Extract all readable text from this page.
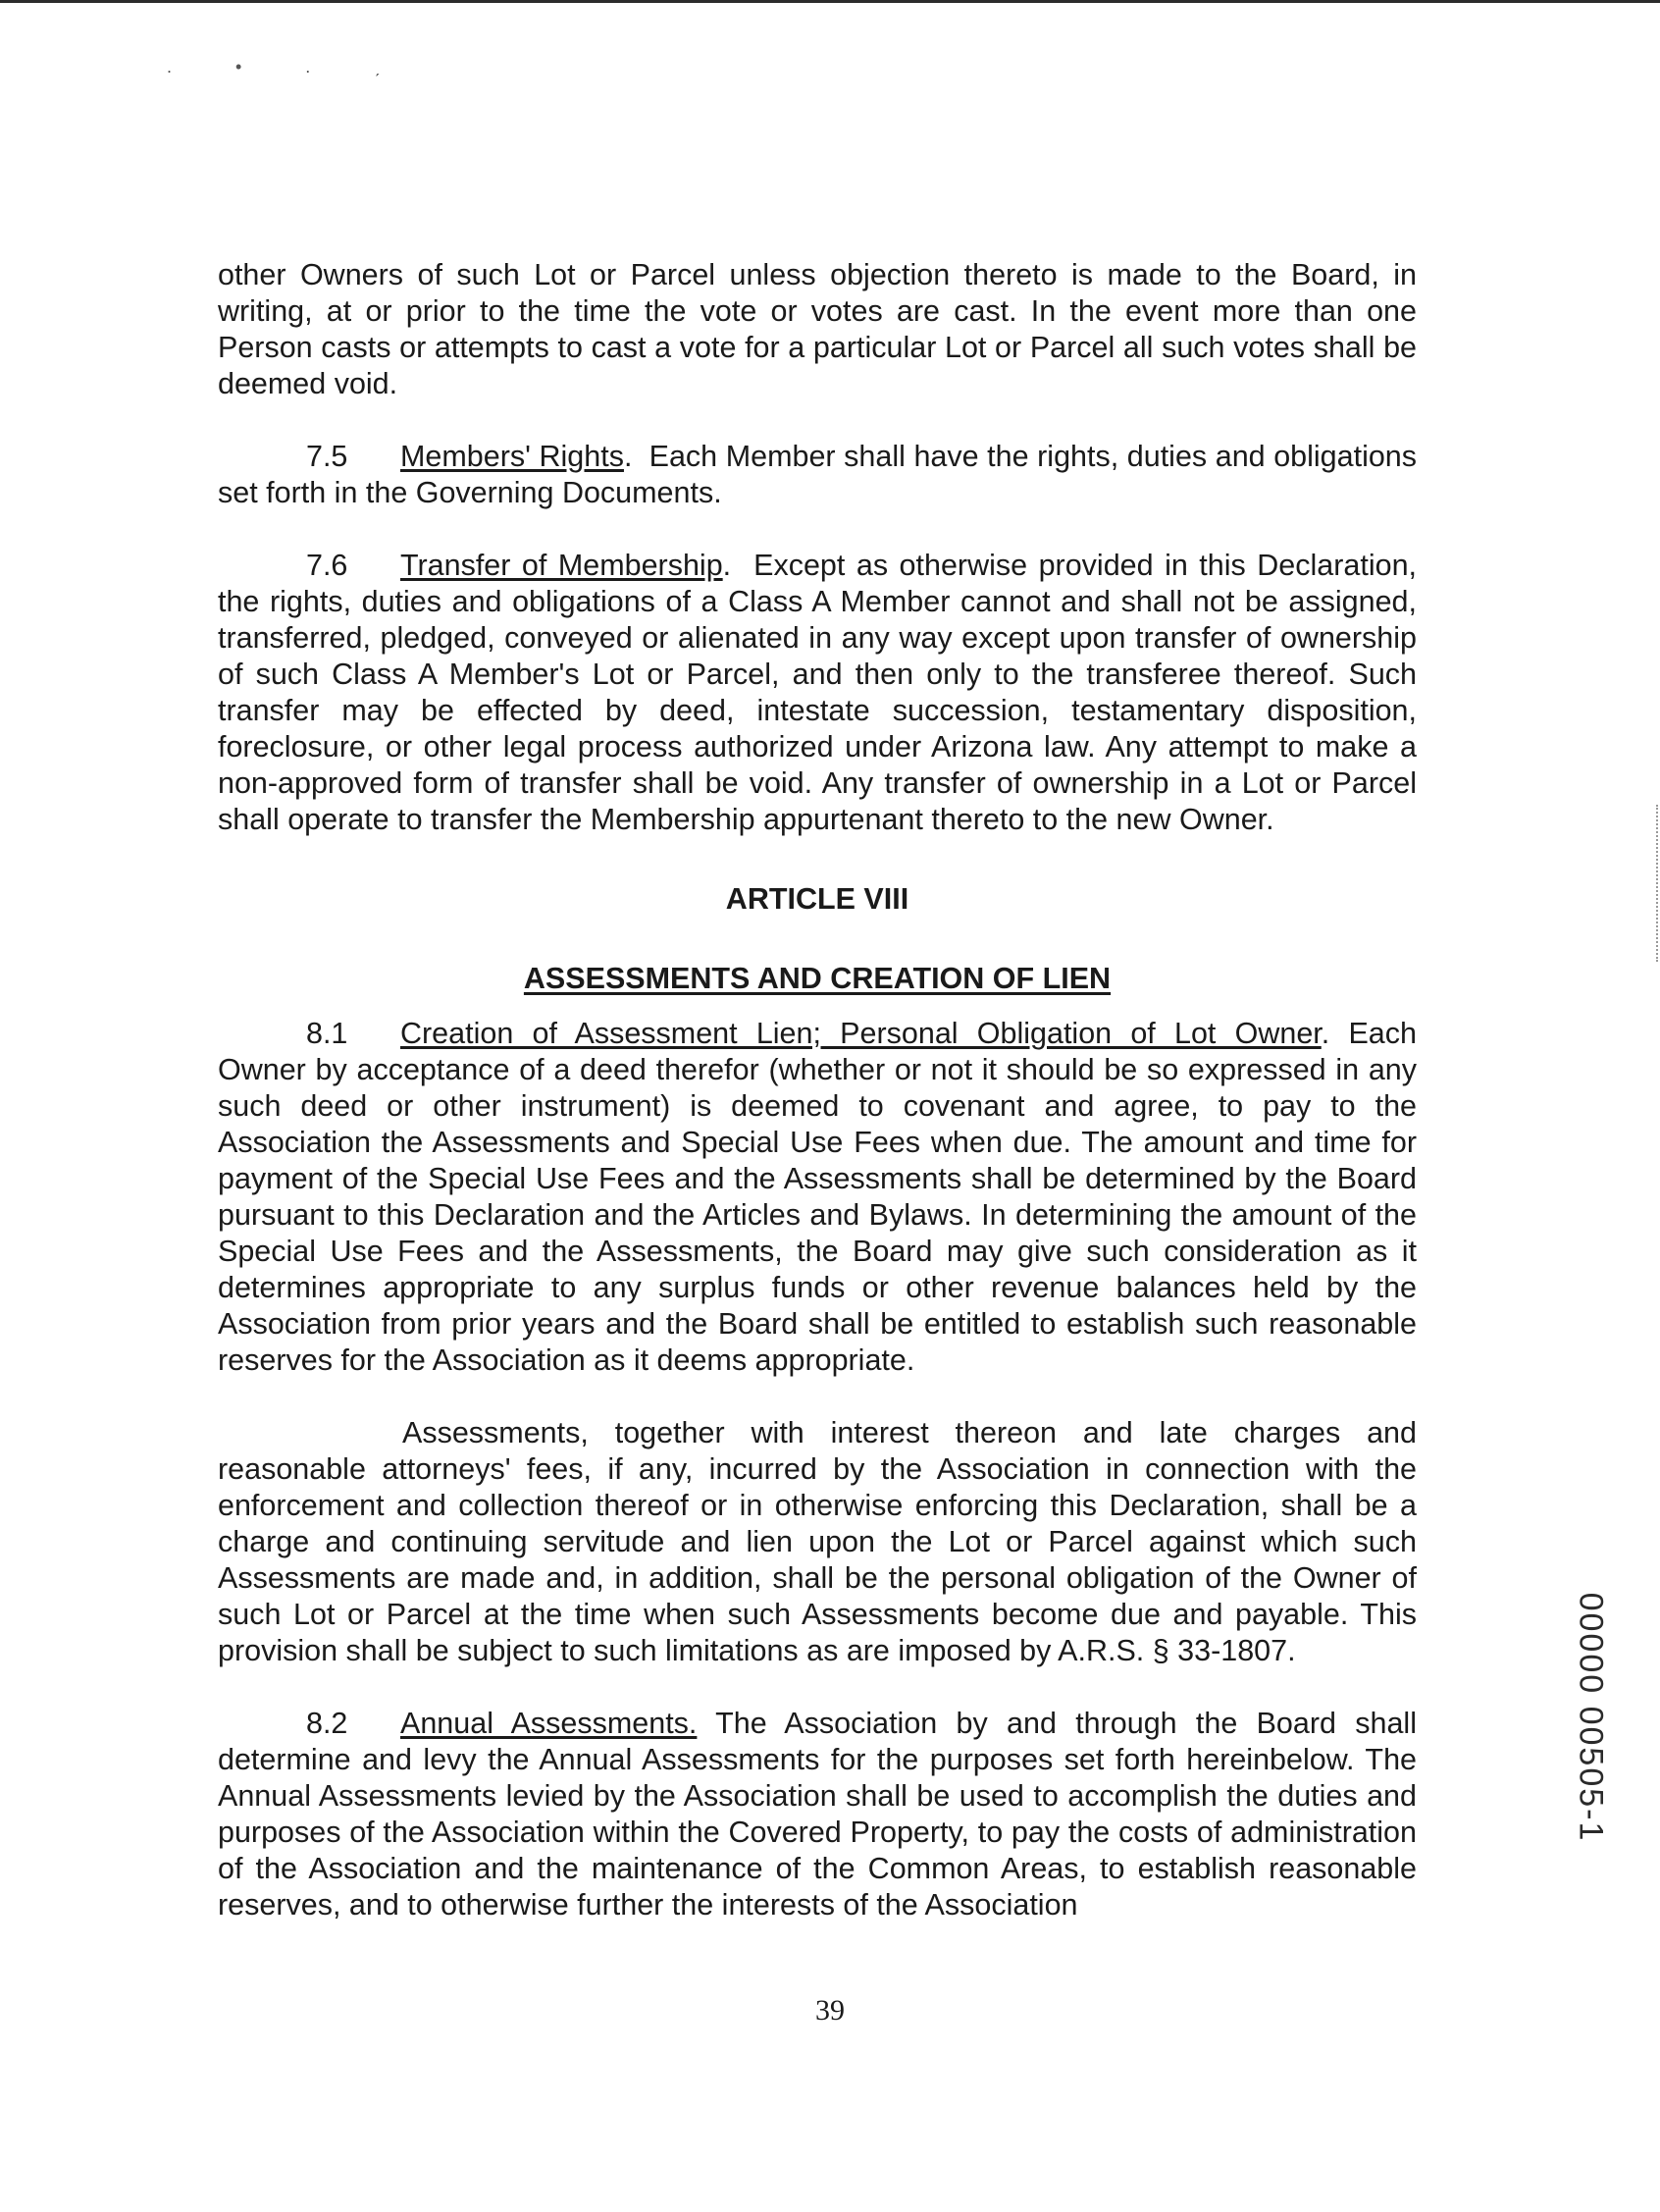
. • . ˏ

other Owners of such Lot or Parcel unless objection thereto is made to the Board, in writing, at or prior to the time the vote or votes are cast. In the event more than one Person casts or attempts to cast a vote for a particular Lot or Parcel all such votes shall be deemed void.

7.5 Members' Rights.  Each Member shall have the rights, duties and obligations set forth in the Governing Documents.

7.6 Transfer of Membership.  Except as otherwise provided in this Declaration, the rights, duties and obligations of a Class A Member cannot and shall not be assigned, transferred, pledged, conveyed or alienated in any way except upon transfer of ownership of such Class A Member's Lot or Parcel, and then only to the transferee thereof. Such transfer may be effected by deed, intestate succession, testamentary disposition, foreclosure, or other legal process authorized under Arizona law. Any attempt to make a non-approved form of transfer shall be void. Any transfer of ownership in a Lot or Parcel shall operate to transfer the Membership appurtenant thereto to the new Owner.

ARTICLE VIII

ASSESSMENTS AND CREATION OF LIEN

8.1 Creation of Assessment Lien; Personal Obligation of Lot Owner. Each Owner by acceptance of a deed therefor (whether or not it should be so expressed in any such deed or other instrument) is deemed to covenant and agree, to pay to the Association the Assessments and Special Use Fees when due. The amount and time for payment of the Special Use Fees and the Assessments shall be determined by the Board pursuant to this Declaration and the Articles and Bylaws. In determining the amount of the Special Use Fees and the Assessments, the Board may give such consideration as it determines appropriate to any surplus funds or other revenue balances held by the Association from prior years and the Board shall be entitled to establish such reasonable reserves for the Association as it deems appropriate.

Assessments, together with interest thereon and late charges and reasonable attorneys' fees, if any, incurred by the Association in connection with the enforcement and collection thereof or in otherwise enforcing this Declaration, shall be a charge and continuing servitude and lien upon the Lot or Parcel against which such Assessments are made and, in addition, shall be the personal obligation of the Owner of such Lot or Parcel at the time when such Assessments become due and payable. This provision shall be subject to such limitations as are imposed by A.R.S. § 33-1807.

8.2 Annual Assessments. The Association by and through the Board shall determine and levy the Annual Assessments for the purposes set forth hereinbelow. The Annual Assessments levied by the Association shall be used to accomplish the duties and purposes of the Association within the Covered Property, to pay the costs of administration of the Association and the maintenance of the Common Areas, to establish reasonable reserves, and to otherwise further the interests of the Association

39
00000 00505-1
